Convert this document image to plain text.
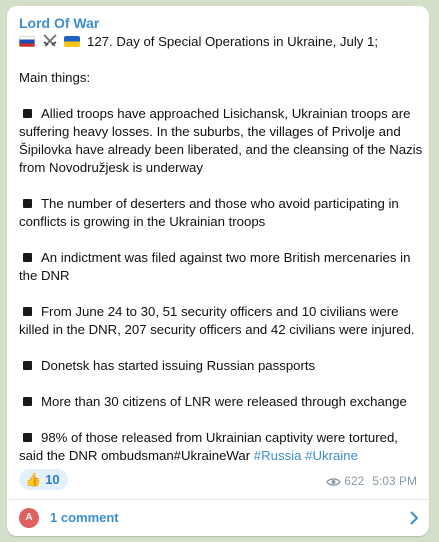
Lord Of War
127. Day of Special Operations in Ukraine, July 1;
Main things:
Allied troops have approached Lisichansk, Ukrainian troops are
suffering heavy losses. In the suburbs, the villages of Privolje and
Šipilovka have already been liberated, and the cleansing of the Nazis
from Novodružjesk is underway
The number of deserters and those who avoid participating in
conflicts is growing in the Ukrainian troops
An indictment was filed against two more British mercenaries in
the DNR
From June 24 to 30, 51 security officers and 10 civilians were
killed in the DNR, 207 security officers and 42 civilians were injured.
Donetsk has started issuing Russian passports
More than 30 citizens of LNR were released through exchange
98% of those released from Ukrainian captivity were tortured,
said the DNR ombudsman#UkraineWar #Russia #Ukraine
👍 10	622 5:03 PM
A	1 comment
